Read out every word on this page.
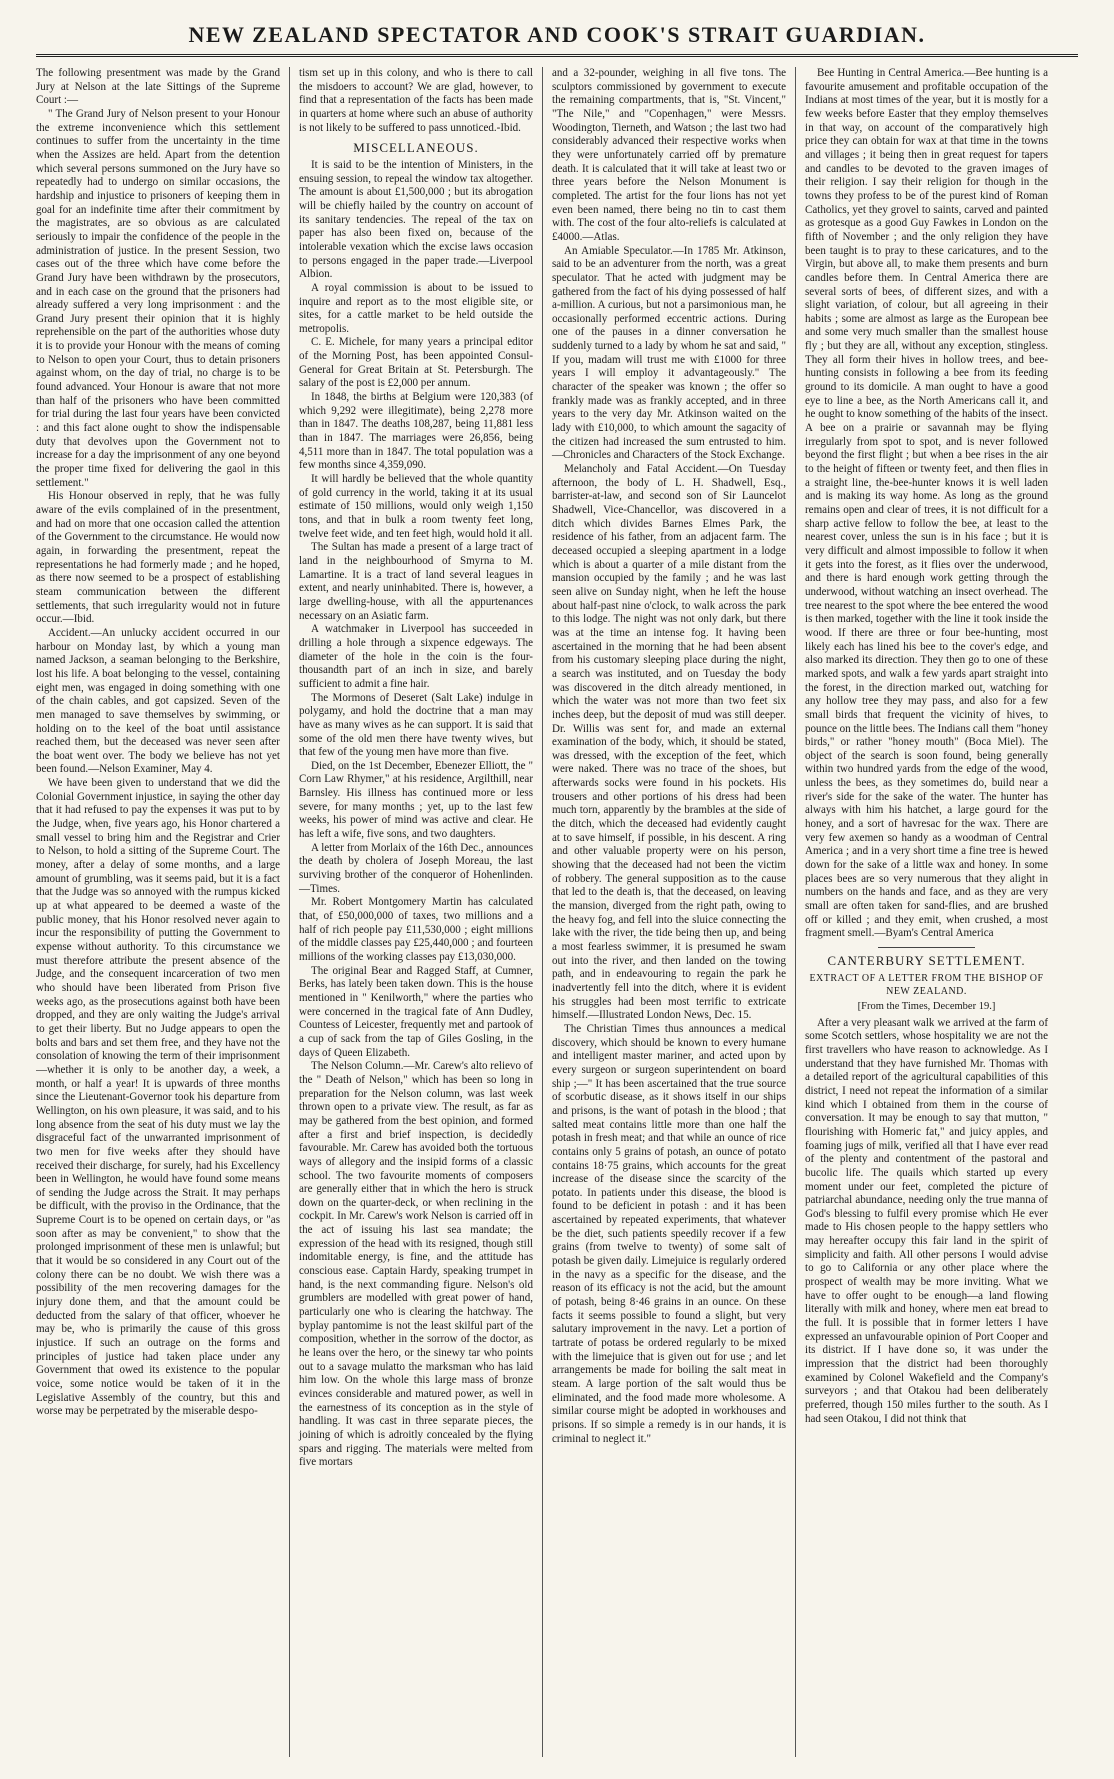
NEW ZEALAND SPECTATOR AND COOK'S STRAIT GUARDIAN.

The following presentment was made by the Grand Jury at Nelson at the late Sittings of the Supreme Court :—

" The Grand Jury of Nelson present to your Honour the extreme inconvenience which this settlement continues to suffer from the uncertainty in the time when the Assizes are held. Apart from the detention which several persons summoned on the Jury have so repeatedly had to undergo on similar occasions, the hardship and injustice to prisoners of keeping them in goal for an indefinite time after their commitment by the magistrates, are so obvious as are calculated seriously to impair the confidence of the people in the administration of justice. In the present Session, two cases out of the three which have come before the Grand Jury have been withdrawn by the prosecutors, and in each case on the ground that the prisoners had already suffered a very long imprisonment : and the Grand Jury present their opinion that it is highly reprehensible on the part of the authorities whose duty it is to provide your Honour with the means of coming to Nelson to open your Court, thus to detain prisoners against whom, on the day of trial, no charge is to be found advanced. Your Honour is aware that not more than half of the prisoners who have been committed for trial during the last four years have been convicted : and this fact alone ought to show the indispensable duty that devolves upon the Government not to increase for a day the imprisonment of any one beyond the proper time fixed for delivering the gaol in this settlement."

His Honour observed in reply, that he was fully aware of the evils complained of in the presentment, and had on more that one occasion called the attention of the Government to the circumstance. He would now again, in forwarding the presentment, repeat the representations he had formerly made ; and he hoped, as there now seemed to be a prospect of establishing steam communication between the different settlements, that such irregularity would not in future occur.—Ibid.

Accident.—An unlucky accident occurred in our harbour on Monday last, by which a young man named Jackson, a seaman belonging to the Berkshire, lost his life. A boat belonging to the vessel, containing eight men, was engaged in doing something with one of the chain cables, and got capsized. Seven of the men managed to save themselves by swimming, or holding on to the keel of the boat until assistance reached them, but the deceased was never seen after the boat went over. The body we believe has not yet been found.—Nelson Examiner, May 4.

We have been given to understand that we did the Colonial Government injustice, in saying the other day that it had refused to pay the expenses it was put to by the Judge, when, five years ago, his Honor chartered a small vessel to bring him and the Registrar and Crier to Nelson, to hold a sitting of the Supreme Court. The money, after a delay of some months, and a large amount of grumbling, was it seems paid, but it is a fact that the Judge was so annoyed with the rumpus kicked up at what appeared to be deemed a waste of the public money, that his Honor resolved never again to incur the responsibility of putting the Government to expense without authority. To this circumstance we must therefore attribute the present absence of the Judge, and the consequent incarceration of two men who should have been liberated from Prison five weeks ago, as the prosecutions against both have been dropped, and they are only waiting the Judge's arrival to get their liberty. But no Judge appears to open the bolts and bars and set them free, and they have not the consolation of knowing the term of their imprisonment—whether it is only to be another day, a week, a month, or half a year! It is upwards of three months since the Lieutenant-Governor took his departure from Wellington, on his own pleasure, it was said, and to his long absence from the seat of his duty must we lay the disgraceful fact of the unwarranted imprisonment of two men for five weeks after they should have received their discharge, for surely, had his Excellency been in Wellington, he would have found some means of sending the Judge across the Strait. It may perhaps be difficult, with the proviso in the Ordinance, that the Supreme Court is to be opened on certain days, or "as soon after as may be convenient," to show that the prolonged imprisonment of these men is unlawful; but that it would be so considered in any Court out of the colony there can be no doubt. We wish there was a possibility of the men recovering damages for the injury done them, and that the amount could be deducted from the salary of that officer, whoever he may be, who is primarily the cause of this gross injustice. If such an outrage on the forms and principles of justice had taken place under any Government that owed its existence to the popular voice, some notice would be taken of it in the Legislative Assembly of the country, but this and worse may be perpetrated by the miserable despo-

tism set up in this colony, and who is there to call the misdoers to account? We are glad, however, to find that a representation of the facts has been made in quarters at home where such an abuse of authority is not likely to be suffered to pass unnoticed.-Ibid.

MISCELLANEOUS.

It is said to be the intention of Ministers, in the ensuing session, to repeal the window tax altogether. The amount is about £1,500,000 ; but its abrogation will be chiefly hailed by the country on account of its sanitary tendencies. The repeal of the tax on paper has also been fixed on, because of the intolerable vexation which the excise laws occasion to persons engaged in the paper trade.—Liverpool Albion.

A royal commission is about to be issued to inquire and report as to the most eligible site, or sites, for a cattle market to be held outside the metropolis.

C. E. Michele, for many years a principal editor of the Morning Post, has been appointed Consul-General for Great Britain at St. Petersburgh. The salary of the post is £2,000 per annum.

In 1848, the births at Belgium were 120,383 (of which 9,292 were illegitimate), being 2,278 more than in 1847. The deaths 108,287, being 11,881 less than in 1847. The marriages were 26,856, being 4,511 more than in 1847. The total population was a few months since 4,359,090.

It will hardly be believed that the whole quantity of gold currency in the world, taking it at its usual estimate of 150 millions, would only weigh 1,150 tons, and that in bulk a room twenty feet long, twelve feet wide, and ten feet high, would hold it all.

The Sultan has made a present of a large tract of land in the neighbourhood of Smyrna to M. Lamartine. It is a tract of land several leagues in extent, and nearly uninhabited. There is, however, a large dwelling-house, with all the appurtenances necessary on an Asiatic farm.

A watchmaker in Liverpool has succeeded in drilling a hole through a sixpence edgeways. The diameter of the hole in the coin is the four-thousandth part of an inch in size, and barely sufficient to admit a fine hair.

The Mormons of Deseret (Salt Lake) indulge in polygamy, and hold the doctrine that a man may have as many wives as he can support. It is said that some of the old men there have twenty wives, but that few of the young men have more than five.

Died, on the 1st December, Ebenezer Elliott, the " Corn Law Rhymer," at his residence, Argilthill, near Barnsley. His illness has continued more or less severe, for many months ; yet, up to the last few weeks, his power of mind was active and clear. He has left a wife, five sons, and two daughters.

A letter from Morlaix of the 16th Dec., announces the death by cholera of Joseph Moreau, the last surviving brother of the conqueror of Hohenlinden.—Times.

Mr. Robert Montgomery Martin has calculated that, of £50,000,000 of taxes, two millions and a half of rich people pay £11,530,000 ; eight millions of the middle classes pay £25,440,000 ; and fourteen millions of the working classes pay £13,030,000.

The original Bear and Ragged Staff, at Cumner, Berks, has lately been taken down. This is the house mentioned in " Kenilworth," where the parties who were concerned in the tragical fate of Ann Dudley, Countess of Leicester, frequently met and partook of a cup of sack from the tap of Giles Gosling, in the days of Queen Elizabeth.

The Nelson Column.—Mr. Carew's alto relievo of the " Death of Nelson," which has been so long in preparation for the Nelson column, was last week thrown open to a private view. The result, as far as may be gathered from the best opinion, and formed after a first and brief inspection, is decidedly favourable. Mr. Carew has avoided both the tortuous ways of allegory and the insipid forms of a classic school. The two favourite moments of composers are generally either that in which the hero is struck down on the quarter-deck, or when reclining in the cockpit. In Mr. Carew's work Nelson is carried off in the act of issuing his last sea mandate; the expression of the head with its resigned, though still indomitable energy, is fine, and the attitude has conscious ease. Captain Hardy, speaking trumpet in hand, is the next commanding figure. Nelson's old grumblers are modelled with great power of hand, particularly one who is clearing the hatchway. The byplay pantomime is not the least skilful part of the composition, whether in the sorrow of the doctor, as he leans over the hero, or the sinewy tar who points out to a savage mulatto the marksman who has laid him low. On the whole this large mass of bronze evinces considerable and matured power, as well in the earnestness of its conception as in the style of handling. It was cast in three separate pieces, the joining of which is adroitly concealed by the flying spars and rigging. The materials were melted from five mortars

and a 32-pounder, weighing in all five tons. The sculptors commissioned by government to execute the remaining compartments, that is, "St. Vincent," "The Nile," and "Copenhagen," were Messrs. Woodington, Tierneth, and Watson ; the last two had considerably advanced their respective works when they were unfortunately carried off by premature death. It is calculated that it will take at least two or three years before the Nelson Monument is completed. The artist for the four lions has not yet even been named, there being no tin to cast them with. The cost of the four alto-reliefs is calculated at £4000.—Atlas.

An Amiable Speculator.—In 1785 Mr. Atkinson, said to be an adventurer from the north, was a great speculator. That he acted with judgment may be gathered from the fact of his dying possessed of half a-million. A curious, but not a parsimonious man, he occasionally performed eccentric actions. During one of the pauses in a dinner conversation he suddenly turned to a lady by whom he sat and said, " If you, madam will trust me with £1000 for three years I will employ it advantageously." The character of the speaker was known ; the offer so frankly made was as frankly accepted, and in three years to the very day Mr. Atkinson waited on the lady with £10,000, to which amount the sagacity of the citizen had increased the sum entrusted to him.—Chronicles and Characters of the Stock Exchange.

Melancholy and Fatal Accident.—On Tuesday afternoon, the body of L. H. Shadwell, Esq., barrister-at-law, and second son of Sir Launcelot Shadwell, Vice-Chancellor, was discovered in a ditch which divides Barnes Elmes Park, the residence of his father, from an adjacent farm. The deceased occupied a sleeping apartment in a lodge which is about a quarter of a mile distant from the mansion occupied by the family ; and he was last seen alive on Sunday night, when he left the house about half-past nine o'clock, to walk across the park to this lodge. The night was not only dark, but there was at the time an intense fog. It having been ascertained in the morning that he had been absent from his customary sleeping place during the night, a search was instituted, and on Tuesday the body was discovered in the ditch already mentioned, in which the water was not more than two feet six inches deep, but the deposit of mud was still deeper. Dr. Willis was sent for, and made an external examination of the body, which, it should be stated, was dressed, with the exception of the feet, which were naked. There was no trace of the shoes, but afterwards socks were found in his pockets. His trousers and other portions of his dress had been much torn, apparently by the brambles at the side of the ditch, which the deceased had evidently caught at to save himself, if possible, in his descent. A ring and other valuable property were on his person, showing that the deceased had not been the victim of robbery. The general supposition as to the cause that led to the death is, that the deceased, on leaving the mansion, diverged from the right path, owing to the heavy fog, and fell into the sluice connecting the lake with the river, the tide being then up, and being a most fearless swimmer, it is presumed he swam out into the river, and then landed on the towing path, and in endeavouring to regain the park he inadvertently fell into the ditch, where it is evident his struggles had been most terrific to extricate himself.—Illustrated London News, Dec. 15.

The Christian Times thus announces a medical discovery, which should be known to every humane and intelligent master mariner, and acted upon by every surgeon or surgeon superintendent on board ship ;—" It has been ascertained that the true source of scorbutic disease, as it shows itself in our ships and prisons, is the want of potash in the blood ; that salted meat contains little more than one half the potash in fresh meat; and that while an ounce of rice contains only 5 grains of potash, an ounce of potato contains 18·75 grains, which accounts for the great increase of the disease since the scarcity of the potato. In patients under this disease, the blood is found to be deficient in potash : and it has been ascertained by repeated experiments, that whatever be the diet, such patients speedily recover if a few grains (from twelve to twenty) of some salt of potash be given daily. Limejuice is regularly ordered in the navy as a specific for the disease, and the reason of its efficacy is not the acid, but the amount of potash, being 8·46 grains in an ounce. On these facts it seems possible to found a slight, but very salutary improvement in the navy. Let a portion of tartrate of potass be ordered regularly to be mixed with the limejuice that is given out for use ; and let arrangements be made for boiling the salt meat in steam. A large portion of the salt would thus be eliminated, and the food made more wholesome. A similar course might be adopted in workhouses and prisons. If so simple a remedy is in our hands, it is criminal to neglect it."

Bee Hunting in Central America.—Bee hunting is a favourite amusement and profitable occupation of the Indians at most times of the year, but it is mostly for a few weeks before Easter that they employ themselves in that way, on account of the comparatively high price they can obtain for wax at that time in the towns and villages ; it being then in great request for tapers and candles to be devoted to the graven images of their religion. I say their religion for though in the towns they profess to be of the purest kind of Roman Catholics, yet they grovel to saints, carved and painted as grotesque as a good Guy Fawkes in London on the fifth of November ; and the only religion they have been taught is to pray to these caricatures, and to the Virgin, but above all, to make them presents and burn candles before them. In Central America there are several sorts of bees, of different sizes, and with a slight variation, of colour, but all agreeing in their habits ; some are almost as large as the European bee and some very much smaller than the smallest house fly ; but they are all, without any exception, stingless. They all form their hives in hollow trees, and bee-hunting consists in following a bee from its feeding ground to its domicile. A man ought to have a good eye to line a bee, as the North Americans call it, and he ought to know something of the habits of the insect. A bee on a prairie or savannah may be flying irregularly from spot to spot, and is never followed beyond the first flight ; but when a bee rises in the air to the height of fifteen or twenty feet, and then flies in a straight line, the-bee-hunter knows it is well laden and is making its way home. As long as the ground remains open and clear of trees, it is not difficult for a sharp active fellow to follow the bee, at least to the nearest cover, unless the sun is in his face ; but it is very difficult and almost impossible to follow it when it gets into the forest, as it flies over the underwood, and there is hard enough work getting through the underwood, without watching an insect overhead. The tree nearest to the spot where the bee entered the wood is then marked, together with the line it took inside the wood. If there are three or four bee-hunting, most likely each has lined his bee to the cover's edge, and also marked its direction. They then go to one of these marked spots, and walk a few yards apart straight into the forest, in the direction marked out, watching for any hollow tree they may pass, and also for a few small birds that frequent the vicinity of hives, to pounce on the little bees. The Indians call them "honey birds," or rather "honey mouth" (Boca Miel). The object of the search is soon found, being generally within two hundred yards from the edge of the wood, unless the bees, as they sometimes do, build near a river's side for the sake of the water. The hunter has always with him his hatchet, a large gourd for the honey, and a sort of havresac for the wax. There are very few axemen so handy as a woodman of Central America ; and in a very short time a fine tree is hewed down for the sake of a little wax and honey. In some places bees are so very numerous that they alight in numbers on the hands and face, and as they are very small are often taken for sand-flies, and are brushed off or killed ; and they emit, when crushed, a most fragment smell.—Byam's Central America

CANTERBURY SETTLEMENT.
EXTRACT OF A LETTER FROM THE BISHOP OF NEW ZEALAND.
[From the Times, December 19.]

After a very pleasant walk we arrived at the farm of some Scotch settlers, whose hospitality we are not the first travellers who have reason to acknowledge. As I understand that they have furnished Mr. Thomas with a detailed report of the agricultural capabilities of this district, I need not repeat the information of a similar kind which I obtained from them in the course of conversation. It may be enough to say that mutton, " flourishing with Homeric fat," and juicy apples, and foaming jugs of milk, verified all that I have ever read of the plenty and contentment of the pastoral and bucolic life. The quails which started up every moment under our feet, completed the picture of patriarchal abundance, needing only the true manna of God's blessing to fulfil every promise which He ever made to His chosen people to the happy settlers who may hereafter occupy this fair land in the spirit of simplicity and faith. All other persons I would advise to go to California or any other place where the prospect of wealth may be more inviting. What we have to offer ought to be enough—a land flowing literally with milk and honey, where men eat bread to the full. It is possible that in former letters I have expressed an unfavourable opinion of Port Cooper and its district. If I have done so, it was under the impression that the district had been thoroughly examined by Colonel Wakefield and the Company's surveyors ; and that Otakou had been deliberately preferred, though 150 miles further to the south. As I had seen Otakou, I did not think that
